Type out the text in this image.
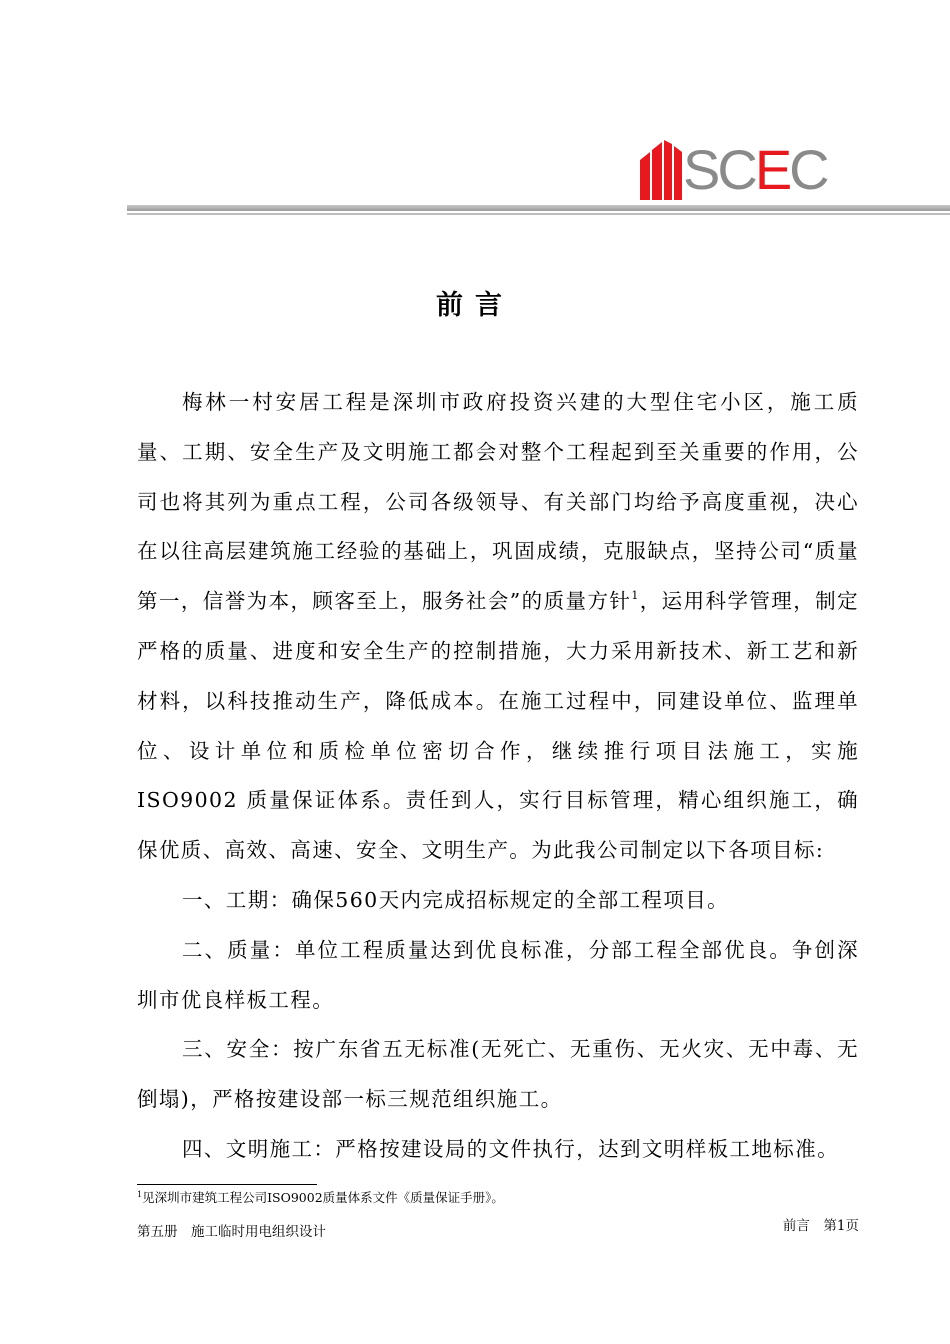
SCEC
前言

梅林一村安居工程是深圳市政府投资兴建的大型住宅小区，施工质量、工期、安全生产及文明施工都会对整个工程起到至关重要的作用，公司也将其列为重点工程，公司各级领导、有关部门均给予高度重视，决心在以往高层建筑施工经验的基础上，巩固成绩，克服缺点，坚持公司“质量第一，信誉为本，顾客至上，服务社会”的质量方针$^1$，运用科学管理，制定严格的质量、进度和安全生产的控制措施，大力采用新技术、新工艺和新材料，以科技推动生产，降低成本。在施工过程中，同建设单位、监理单位、设计单位和质检单位密切合作，继续推行项目法施工，实施 ISO9002 质量保证体系。责任到人，实行目标管理，精心组织施工，确保优质、高效、高速、安全、文明生产。为此我公司制定以下各项目标:

一、工期：确保560天内完成招标规定的全部工程项目。

二、质量：单位工程质量达到优良标准，分部工程全部优良。争创深圳市优良样板工程。

三、安全：按广东省五无标准(无死亡、无重伤、无火灾、无中毒、无倒塌)，严格按建设部一标三规范组织施工。

四、文明施工：严格按建设局的文件执行，达到文明样板工地标准。

$^1$见深圳市建筑工程公司ISO9002质量体系文件《质量保证手册》。
第五册　施工临时用电组织设计	前言　第1页
